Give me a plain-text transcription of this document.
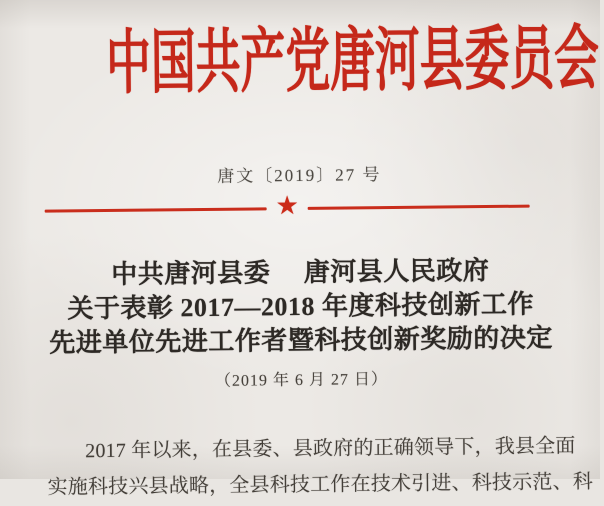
中国共产党唐河县委员会
唐文〔2019〕27 号
★
中共唐河县委　 唐河县人民政府
关于表彰 2017—2018 年度科技创新工作
先进单位先进工作者暨科技创新奖励的决定
（2019 年 6 月 27 日）
2017 年以来，在县委、县政府的正确领导下，我县全面
实施科技兴县战略，全县科技工作在技术引进、科技示范、科
